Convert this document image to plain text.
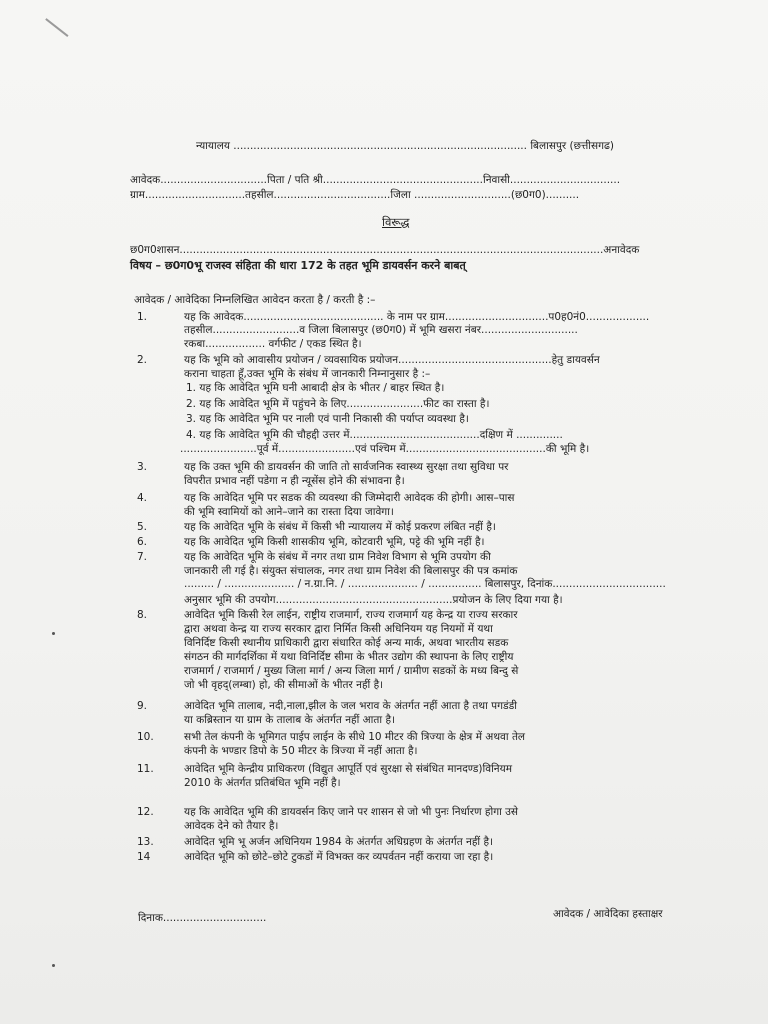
न्यायालय ........................................................................................ बिलासपुर (छत्तीसगढ)
आवेदक................................पिता / पति श्री................................................निवासी.................................
ग्राम..............................तहसील...................................जिला .............................(छ0ग0)..........
विरूद्ध
छ0ग0शासन...............................................................................................................................अनावेदक
विषय – छ0ग0भू राजस्व संहिता की धारा 172 के तहत भूमि डायवर्सन करने बाबत्
आवेदक / आवेदिका निम्नलिखित आवेदन करता है / करती है :–
1.	यह कि आवेदक.......................................... के नाम पर ग्राम...............................प0ह0नं0...................
तहसील..........................व जिला बिलासपुर (छ0ग0) में भूमि खसरा नंबर.............................
रकबा.................. वर्गफीट / एकड स्थित है।
2.	यह कि भूमि को आवासीय प्रयोजन / व्यवसायिक प्रयोजन..............................................हेतु डायवर्सन
कराना चाहता हूँ,उक्त भूमि के संबंध में जानकारी निम्नानुसार है :–
1. यह कि आवेदित भूमि घनी आबादी क्षेत्र के भीतर / बाहर स्थित है।
2. यह कि आवेदित भूमि में पहुंचने के लिए.......................फीट का रास्ता है।
3. यह कि आवेदित भूमि पर नाली एवं पानी निकासी की पर्याप्त व्यवस्था है।
4. यह कि आवेदित भूमि की चौहद्दी उत्तर में.......................................दक्षिण में ..............
.......................पूर्व में.......................एवं पश्चिम में..........................................की भूमि है।
3.	यह कि उक्त भूमि की डायवर्सन की जाति तो सार्वजनिक स्वास्थ्य सुरक्षा तथा सुविधा पर
विपरीत प्रभाव नहीं पडेगा न ही न्यूसेंस होने की संभावना है।
4.	यह कि आवेदित भूमि पर सडक की व्यवस्था की जिम्मेदारी आवेदक की होगी। आस–पास
की भूमि स्वामियों को आने–जाने का रास्ता दिया जावेगा।
5.	यह कि आवेदित भूमि के संबंध में किसी भी न्यायालय में कोई प्रकरण लंबित नहीं है।
6.	यह कि आवेदित भूमि किसी शासकीय भूमि, कोटवारी भूमि, पट्टे की भूमि नहीं है।
7.	यह कि आवेदित भूमि के संबंध में नगर तथा ग्राम निवेश विभाग से भूमि उपयोग की
जानकारी ली गई है। संयुक्त संचालक, नगर तथा ग्राम निवेश की बिलासपुर की पत्र कमांक
......... / ..................... / न.ग्रा.नि. / ..................... / ................ बिलासपुर, दिनांक..................................
अनुसार भूमि की उपयोग.....................................................प्रयोजन के लिए दिया गया है।
8.	आवेदित भूमि किसी रेल लाईन, राष्ट्रीय राजमार्ग, राज्य राजमार्ग यह केन्द्र या राज्य सरकार
द्वारा अथवा केन्द्र या राज्य सरकार द्वारा निर्मित किसी अधिनियम यह नियमों में यथा
विनिर्दिष्ट किसी स्थानीय प्राधिकारी द्वारा संधारित कोई अन्य मार्क, अथवा भारतीय सडक
संगठन की मार्गदर्शिका में यथा विनिर्दिष्ट सीमा के भीतर उद्योग की स्थापना के लिए राष्ट्रीय
राजमार्ग / राजमार्ग / मुख्य जिला मार्ग / अन्य जिला मार्ग / ग्रामीण सडकों के मध्य बिन्दु से
जो भी वृहद्(लम्बा) हो, की सीमाओं के भीतर नहीं है।
9.	आवेदित भूमि तालाब, नदी,नाला,झील के जल भराव के अंतर्गत नहीं आता है तथा पगडंडी
या कब्रिस्तान या ग्राम के तालाब के अंतर्गत नहीं आता है।
10.	सभी तेल कंपनी के भूमिगत पाईप लाईन के सीधे 10 मीटर की त्रिज्या के क्षेत्र में अथवा तेल
कंपनी के भण्डार डिपो के 50 मीटर के त्रिज्या में नहीं आता है।
11.	आवेदित भूमि केन्द्रीय प्राधिकरण (विद्युत आपूर्ति एवं सुरक्षा से संबंधित मानदण्ड)विनियम
2010 के अंतर्गत प्रतिबंधित भूमि नहीं है।
12.	यह कि आवेदित भूमि की डायवर्सन किए जाने पर शासन से जो भी पुनः निर्धारण होगा उसे
आवेदक देने को तैयार है।
13.	आवेदित भूमि भू अर्जन अधिनियम 1984 के अंतर्गत अधिग्रहण के अंतर्गत नहीं है।
14	आवेदित भूमि को छोटे–छोटे टुकडों में विभक्त कर व्यपर्वतन नहीं कराया जा रहा है।
दिनाक...............................	आवेदक / आवेदिका हस्ताक्षर
